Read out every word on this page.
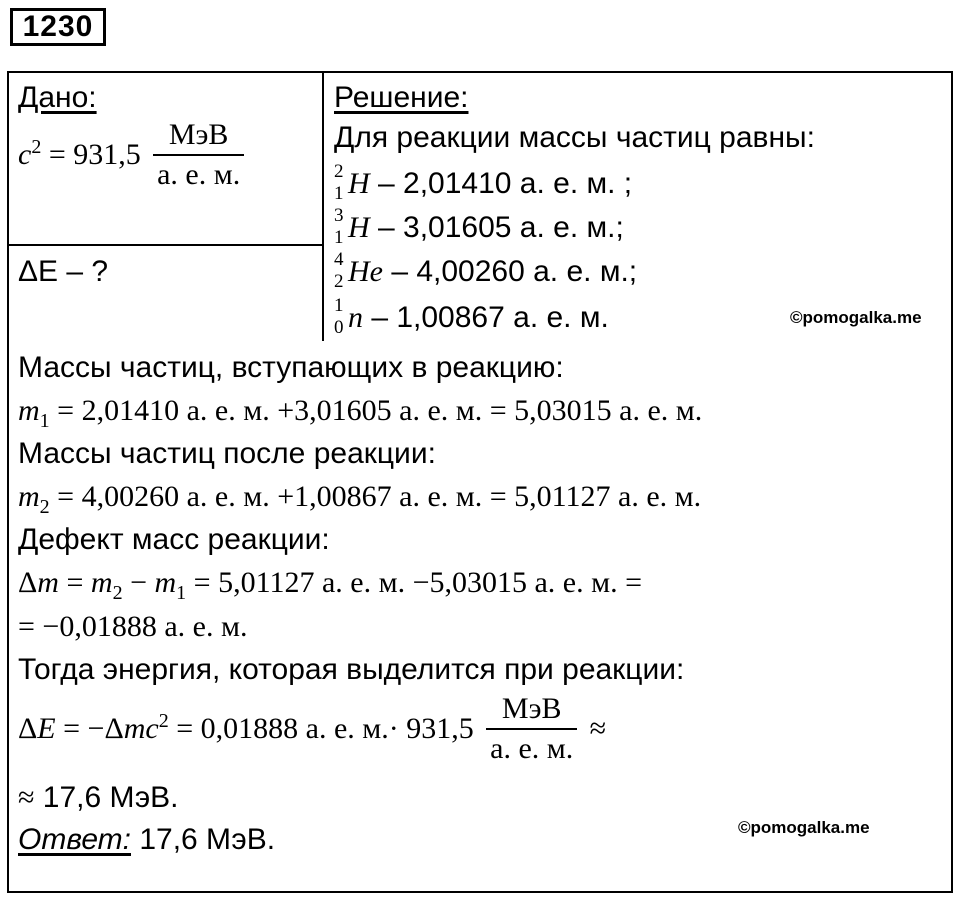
1230
Дано:
$c^2 = 931,5 \frac{\text{МэВ}}{а. е. м.}$
ΔE – ?
Решение:
Для реакции массы частиц равны:
2
1 H – 2,01410 а. е. м. ;
3
1 H – 3,01605 а. е. м.;
4
2 He – 4,00260 а. е. м.;
1
0 n – 1,00867 а. е. м.	©pomogalka.me
Массы частиц, вступающих в реакцию:
$m_1 = 2,01410$ а. е. м. +3,01605 а. е. м. = 5,03015 а. е. м.
Массы частиц после реакции:
$m_2 = 4,00260$ а. е. м. +1,00867 а. е. м. = 5,01127 а. е. м.
Дефект масс реакции:
$\Delta m = m_2 - m_1 = 5,01127$ а. е. м. −5,03015 а. е. м. =
= −0,01888 а. е. м.
Тогда энергия, которая выделится при реакции:
ΔE = −Δmc$^2$ = 0,01888 а. е. $м.\cdot 931,5 \frac{\text{МэВ}}{а. е. м.}$ ≈
≈ 17,6 МэВ.
Ответ: 17,6 МэВ.	©pomogalka.me
